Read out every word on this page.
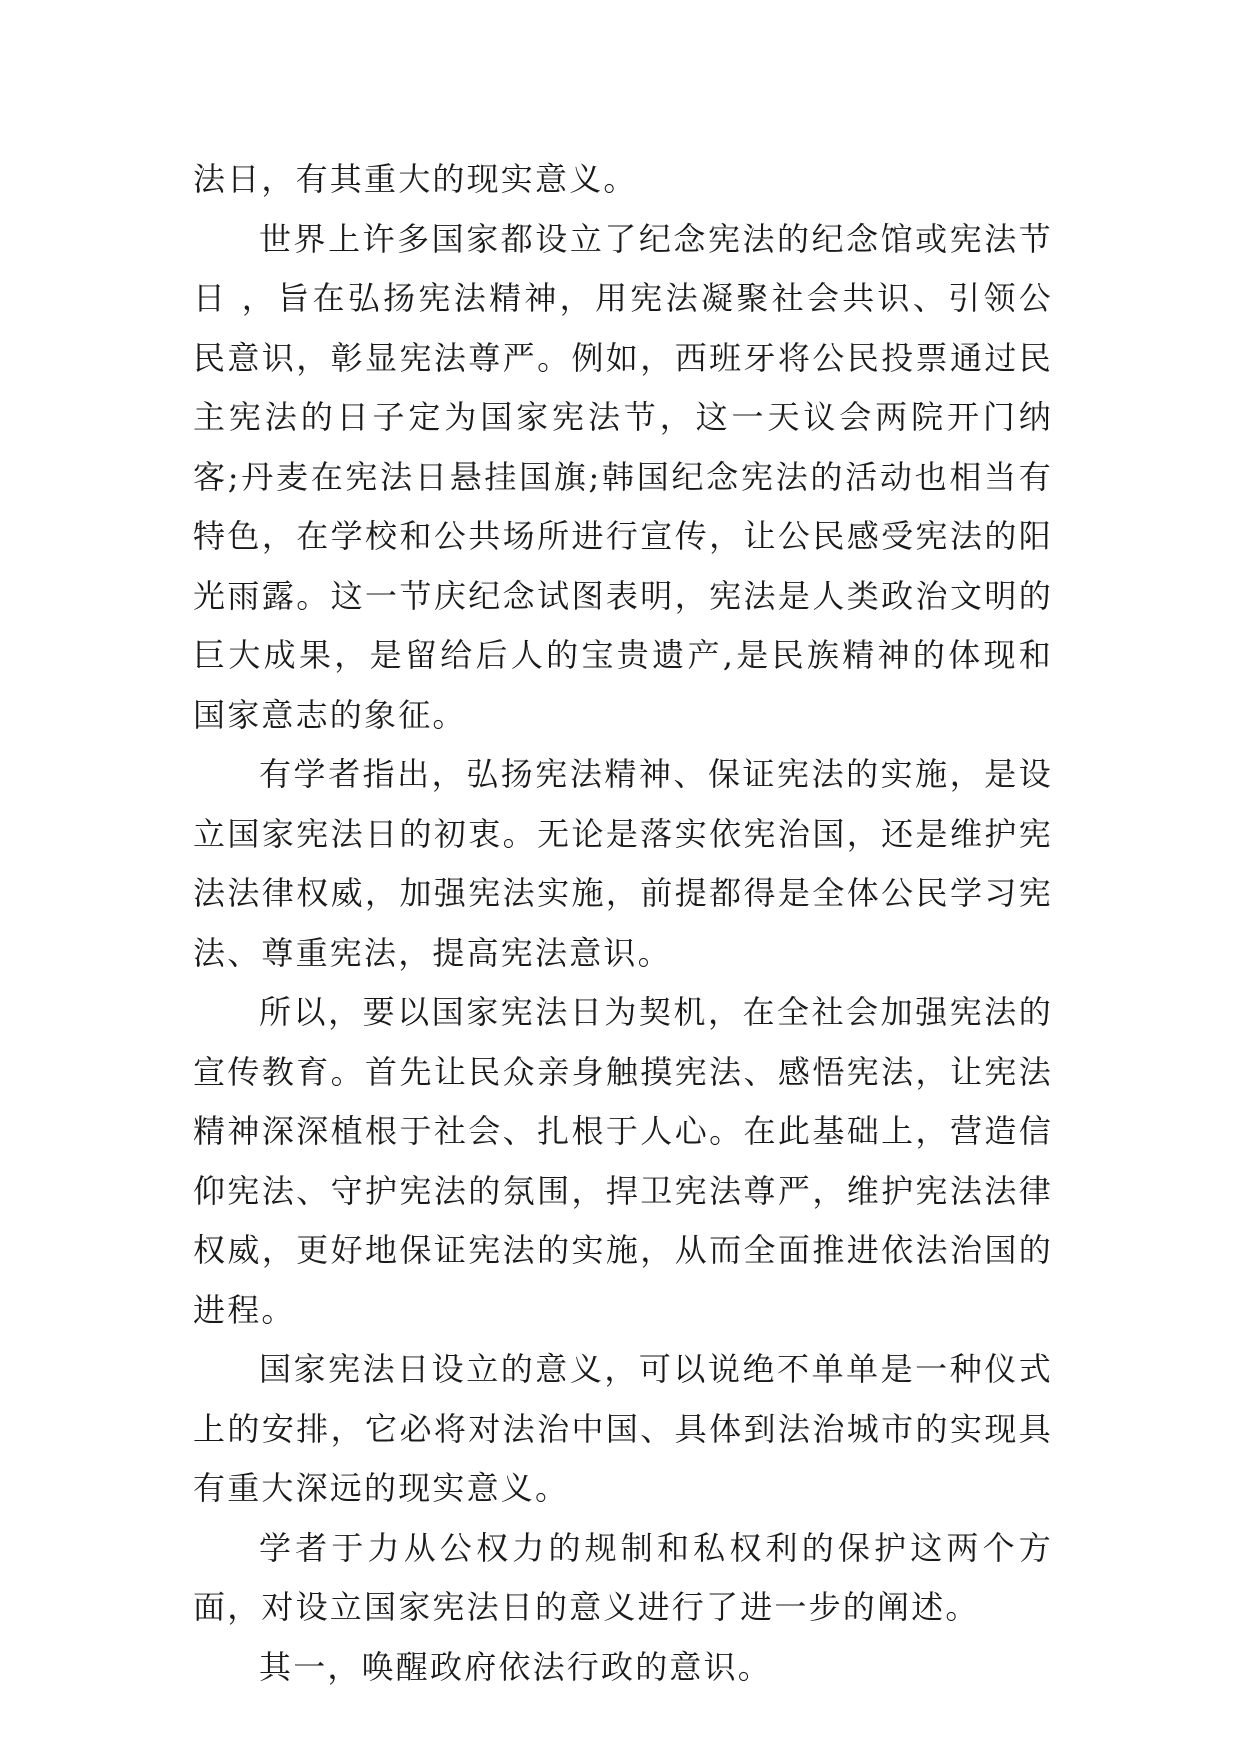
法日，有其重大的现实意义。

世界上许多国家都设立了纪念宪法的纪念馆或宪法节日 ，旨在弘扬宪法精神，用宪法凝聚社会共识、引领公民意识，彰显宪法尊严。例如，西班牙将公民投票通过民主宪法的日子定为国家宪法节，这一天议会两院开门纳客;丹麦在宪法日悬挂国旗;韩国纪念宪法的活动也相当有特色，在学校和公共场所进行宣传，让公民感受宪法的阳光雨露。这一节庆纪念试图表明，宪法是人类政治文明的巨大成果，是留给后人的宝贵遗产,是民族精神的体现和国家意志的象征。

有学者指出，弘扬宪法精神、保证宪法的实施，是设立国家宪法日的初衷。无论是落实依宪治国，还是维护宪法法律权威，加强宪法实施，前提都得是全体公民学习宪法、尊重宪法，提高宪法意识。

所以，要以国家宪法日为契机，在全社会加强宪法的宣传教育。首先让民众亲身触摸宪法、感悟宪法，让宪法精神深深植根于社会、扎根于人心。在此基础上，营造信仰宪法、守护宪法的氛围，捍卫宪法尊严，维护宪法法律权威，更好地保证宪法的实施，从而全面推进依法治国的进程。

国家宪法日设立的意义，可以说绝不单单是一种仪式上的安排，它必将对法治中国、具体到法治城市的实现具有重大深远的现实意义。

学者于力从公权力的规制和私权利的保护这两个方面，对设立国家宪法日的意义进行了进一步的阐述。

其一，唤醒政府依法行政的意识。
